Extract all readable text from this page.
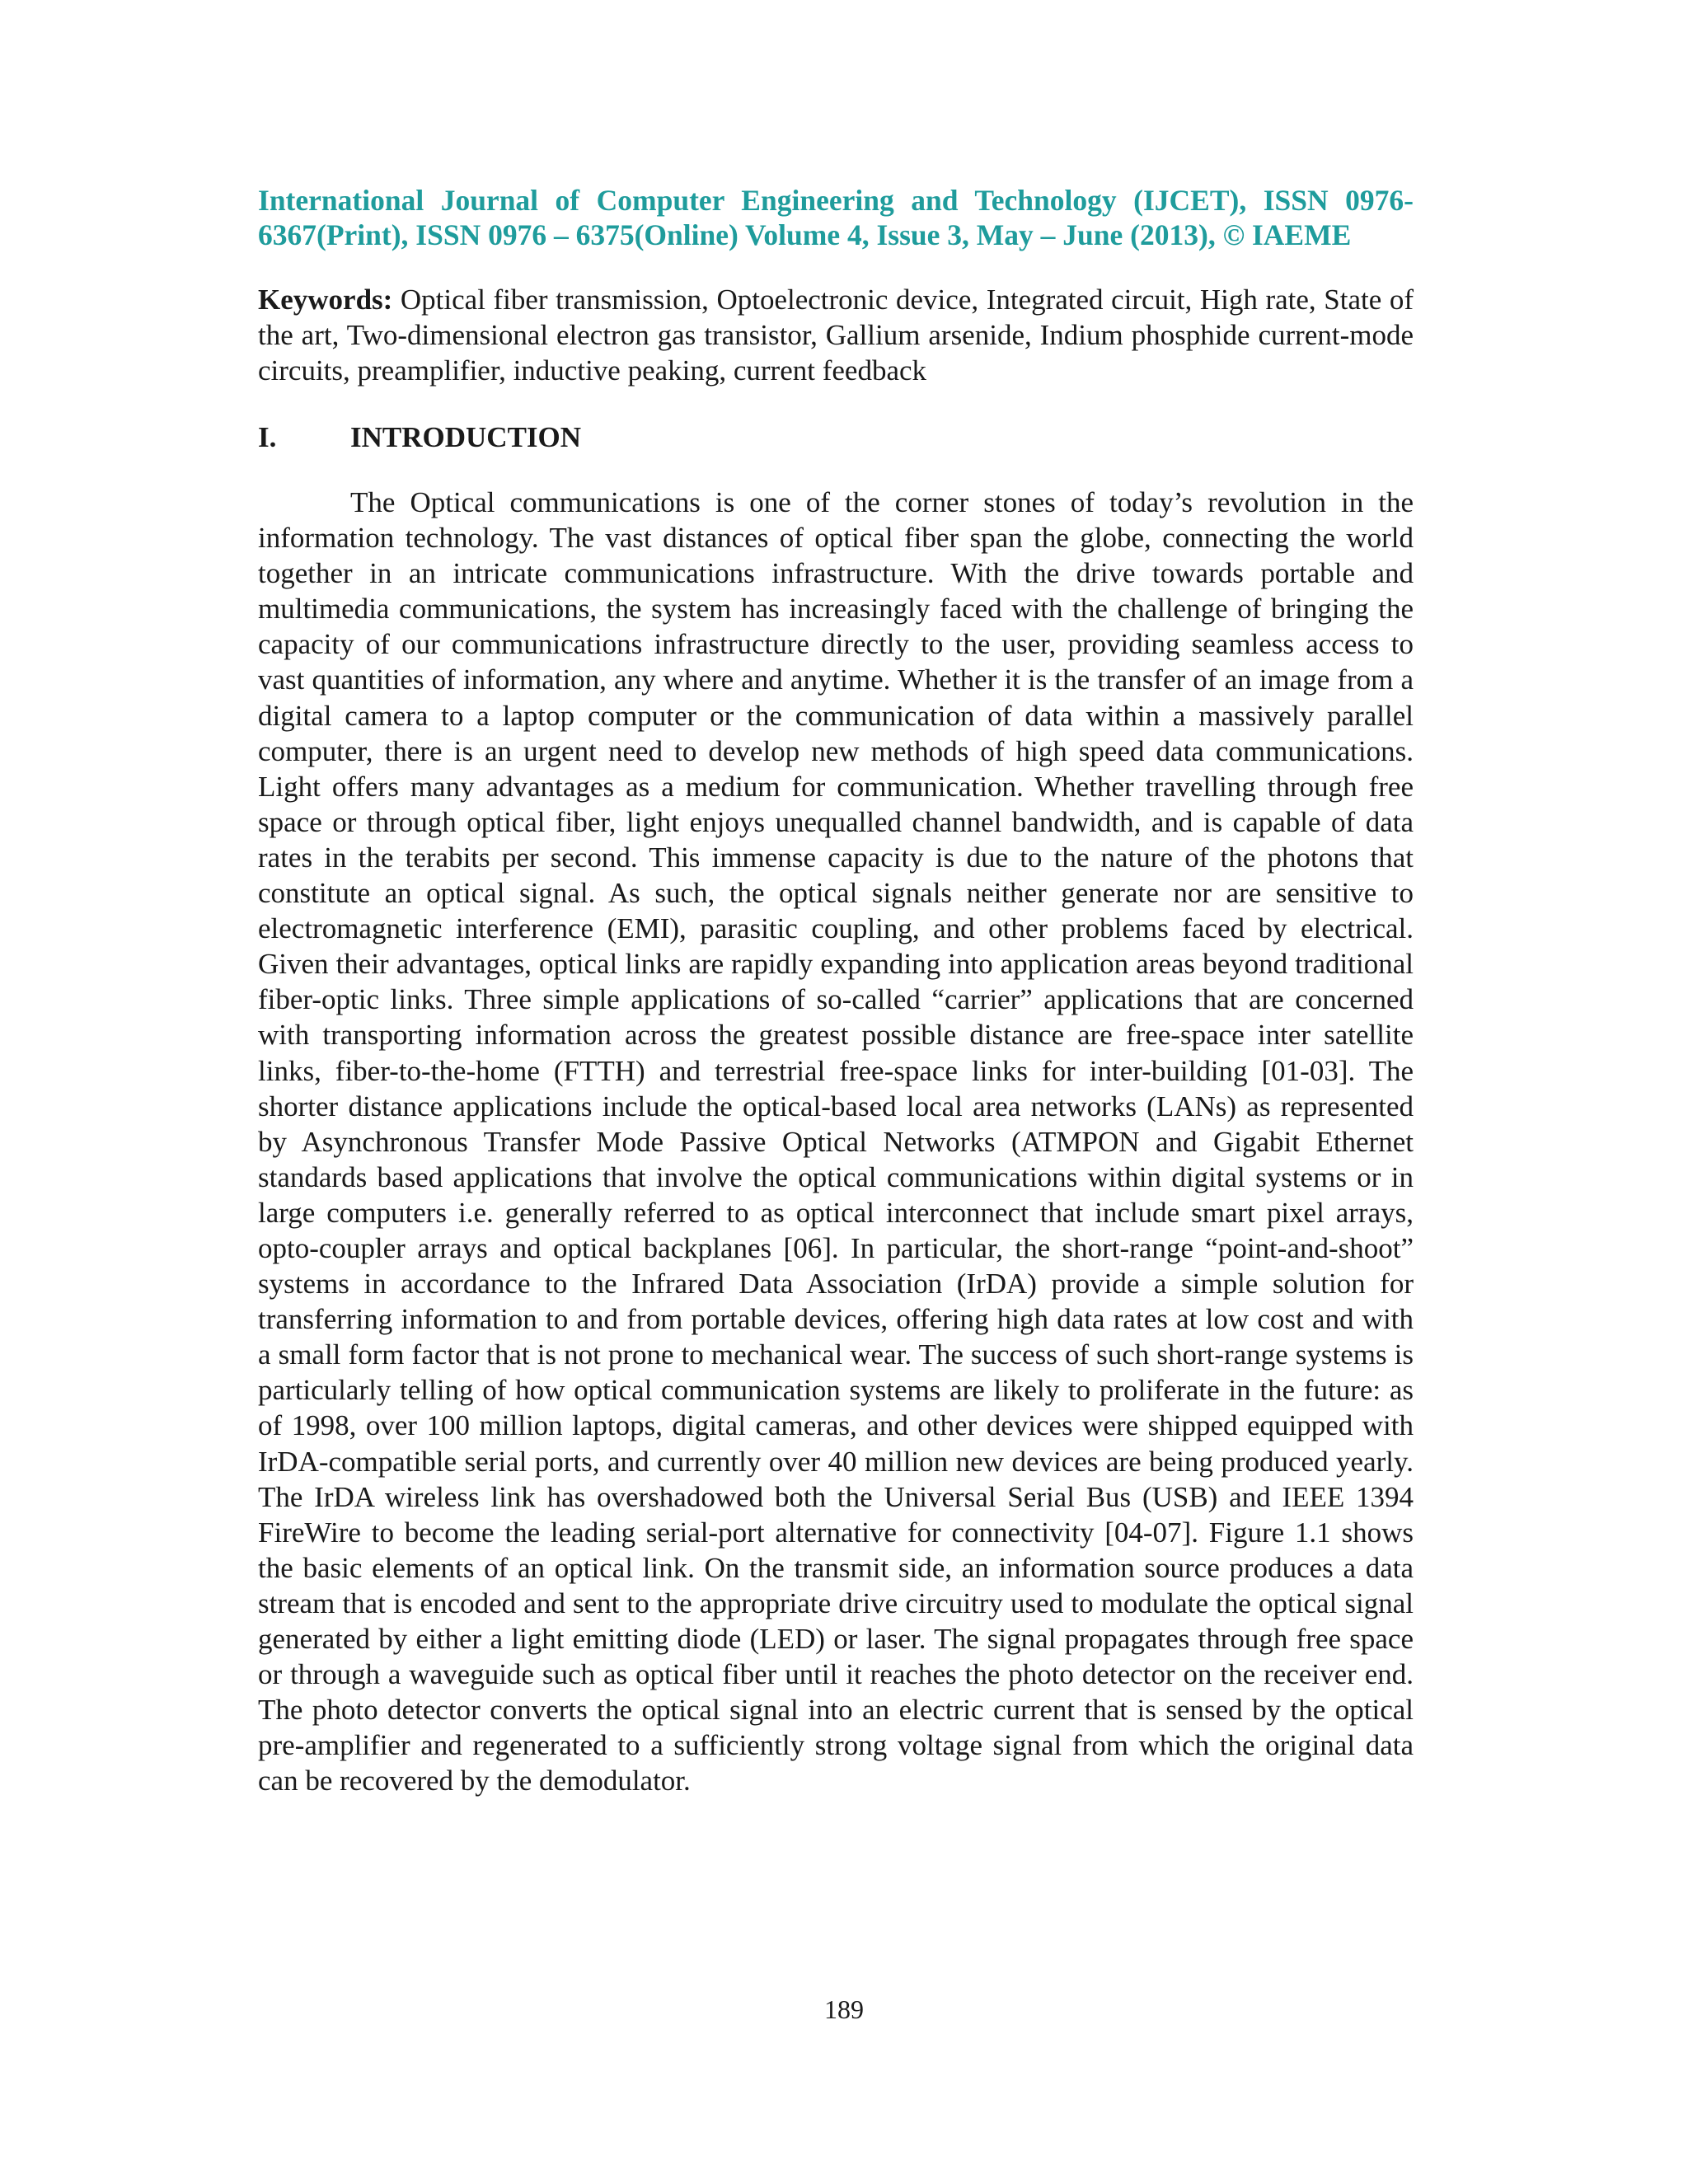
International Journal of Computer Engineering and Technology (IJCET), ISSN 0976-6367(Print), ISSN 0976 – 6375(Online) Volume 4, Issue 3, May – June (2013), © IAEME

Keywords: Optical fiber transmission, Optoelectronic device, Integrated circuit, High rate, State of the art, Two-dimensional electron gas transistor, Gallium arsenide, Indium phosphide current-mode circuits, preamplifier, inductive peaking, current feedback

I.	INTRODUCTION

The Optical communications is one of the corner stones of today’s revolution in the information technology. The vast distances of optical fiber span the globe, connecting the world together in an intricate communications infrastructure. With the drive towards portable and multimedia communications, the system has increasingly faced with the challenge of bringing the capacity of our communications infrastructure directly to the user, providing seamless access to vast quantities of information, any where and anytime. Whether it is the transfer of an image from a digital camera to a laptop computer or the communication of data within a massively parallel computer, there is an urgent need to develop new methods of high speed data communications. Light offers many advantages as a medium for communication. Whether travelling through free space or through optical fiber, light enjoys unequalled channel bandwidth, and is capable of data rates in the terabits per second. This immense capacity is due to the nature of the photons that constitute an optical signal. As such, the optical signals neither generate nor are sensitive to electromagnetic interference (EMI), parasitic coupling, and other problems faced by electrical. Given their advantages, optical links are rapidly expanding into application areas beyond traditional fiber-optic links. Three simple applications of so-called “carrier” applications that are concerned with transporting information across the greatest possible distance are free-space inter satellite links, fiber-to-the-home (FTTH) and terrestrial free-space links for inter-building [01-03]. The shorter distance applications include the optical-based local area networks (LANs) as represented by Asynchronous Transfer Mode Passive Optical Networks (ATMPON and Gigabit Ethernet standards based applications that involve the optical communications within digital systems or in large computers i.e. generally referred to as optical interconnect that include smart pixel arrays, opto-coupler arrays and optical backplanes [06]. In particular, the short-range “point-and-shoot” systems in accordance to the Infrared Data Association (IrDA) provide a simple solution for transferring information to and from portable devices, offering high data rates at low cost and with a small form factor that is not prone to mechanical wear. The success of such short-range systems is particularly telling of how optical communication systems are likely to proliferate in the future: as of 1998, over 100 million laptops, digital cameras, and other devices were shipped equipped with IrDA-compatible serial ports, and currently over 40 million new devices are being produced yearly. The IrDA wireless link has overshadowed both the Universal Serial Bus (USB) and IEEE 1394 FireWire to become the leading serial-port alternative for connectivity [04-07]. Figure 1.1 shows the basic elements of an optical link. On the transmit side, an information source produces a data stream that is encoded and sent to the appropriate drive circuitry used to modulate the optical signal generated by either a light emitting diode (LED) or laser. The signal propagates through free space or through a waveguide such as optical fiber until it reaches the photo detector on the receiver end. The photo detector converts the optical signal into an electric current that is sensed by the optical pre-amplifier and regenerated to a sufficiently strong voltage signal from which the original data can be recovered by the demodulator.

189
